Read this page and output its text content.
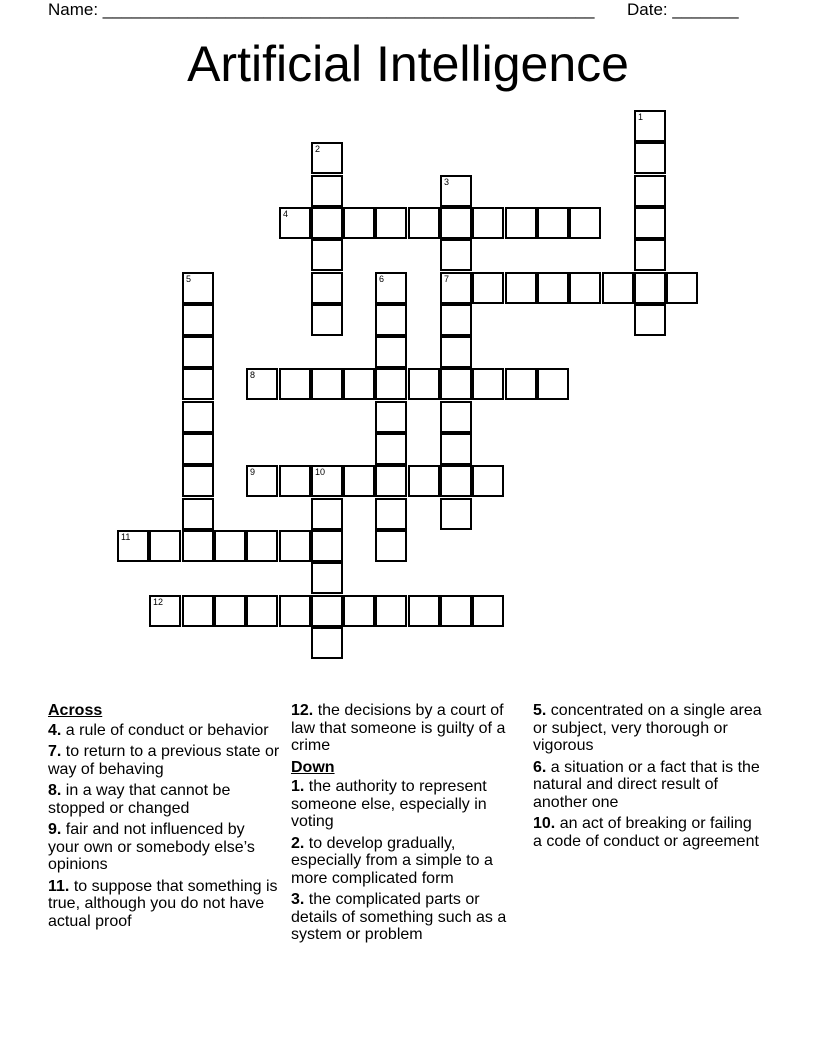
Name: ____________________________________________________ Date: _______
Artificial Intelligence
1
2
3
7
4
5	6
8
9	10
11
12
Across
4. a rule of conduct or behavior
7. to return to a previous state or way of behaving
8. in a way that cannot be stopped or changed
9. fair and not influenced by your own or somebody else’s opinions
11. to suppose that something is true, although you do not have actual proof
12. the decisions by a court of law that someone is guilty of a crime
Down
1. the authority to represent someone else, especially in voting
2. to develop gradually, especially from a simple to a more complicated form
3. the complicated parts or details of something such as a system or problem
5. concentrated on a single area or subject, very thorough or vigorous
6. a situation or a fact that is the natural and direct result of another one
10. an act of breaking or failing a code of conduct or agreement
